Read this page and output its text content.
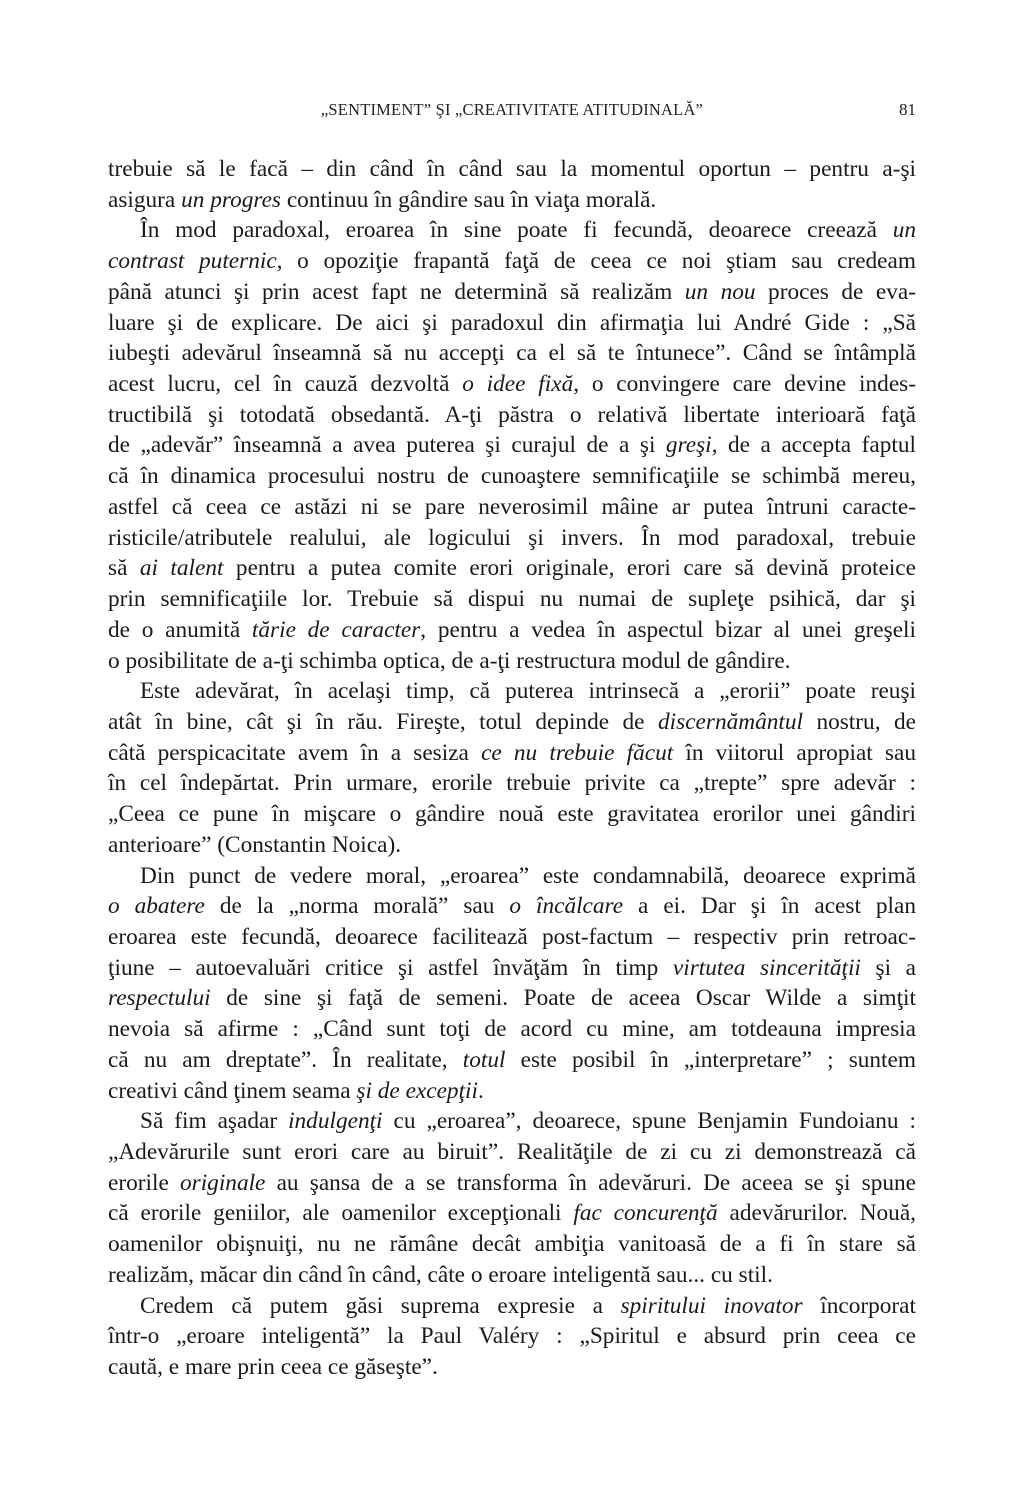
„SENTIMENT” ŞI „CREATIVITATE ATITUDINALĂ”	81
trebuie să le facă – din când în când sau la momentul oportun – pentru a-şi
asigura un progres continuu în gândire sau în viaţa morală.
În mod paradoxal, eroarea în sine poate fi fecundă, deoarece creează un
contrast puternic, o opoziţie frapantă faţă de ceea ce noi ştiam sau credeam
până atunci şi prin acest fapt ne determină să realizăm un nou proces de eva-
luare şi de explicare. De aici şi paradoxul din afirmaţia lui André Gide : „Să
iubeşti adevărul înseamnă să nu accepţi ca el să te întunece”. Când se întâmplă
acest lucru, cel în cauză dezvoltă o idee fixă, o convingere care devine indes-
tructibilă şi totodată obsedantă. A-ţi păstra o relativă libertate interioară faţă
de „adevăr” înseamnă a avea puterea şi curajul de a şi greşi, de a accepta faptul
că în dinamica procesului nostru de cunoaştere semnificaţiile se schimbă mereu,
astfel că ceea ce astăzi ni se pare neverosimil mâine ar putea întruni caracte-
risticile/atributele realului, ale logicului şi invers. În mod paradoxal, trebuie
să ai talent pentru a putea comite erori originale, erori care să devină proteice
prin semnificaţiile lor. Trebuie să dispui nu numai de supleţe psihică, dar şi
de o anumită tărie de caracter, pentru a vedea în aspectul bizar al unei greşeli
o posibilitate de a-ţi schimba optica, de a-ţi restructura modul de gândire.
Este adevărat, în acelaşi timp, că puterea intrinsecă a „erorii” poate reuşi
atât în bine, cât şi în rău. Fireşte, totul depinde de discernământul nostru, de
câtă perspicacitate avem în a sesiza ce nu trebuie făcut în viitorul apropiat sau
în cel îndepărtat. Prin urmare, erorile trebuie privite ca „trepte” spre adevăr :
„Ceea ce pune în mişcare o gândire nouă este gravitatea erorilor unei gândiri
anterioare” (Constantin Noica).
Din punct de vedere moral, „eroarea” este condamnabilă, deoarece exprimă
o abatere de la „norma morală” sau o încălcare a ei. Dar şi în acest plan
eroarea este fecundă, deoarece facilitează post-factum – respectiv prin retroac-
ţiune – autoevaluări critice şi astfel învăţăm în timp virtutea sincerităţii şi a
respectului de sine şi faţă de semeni. Poate de aceea Oscar Wilde a simţit
nevoia să afirme : „Când sunt toţi de acord cu mine, am totdeauna impresia
că nu am dreptate”. În realitate, totul este posibil în „interpretare” ; suntem
creativi când ţinem seama şi de excepţii.
Să fim aşadar indulgenţi cu „eroarea”, deoarece, spune Benjamin Fundoianu :
„Adevărurile sunt erori care au biruit”. Realităţile de zi cu zi demonstrează că
erorile originale au şansa de a se transforma în adevăruri. De aceea se şi spune
că erorile geniilor, ale oamenilor excepţionali fac concurenţă adevărurilor. Nouă,
oamenilor obişnuiţi, nu ne rămâne decât ambiţia vanitoasă de a fi în stare să
realizăm, măcar din când în când, câte o eroare inteligentă sau... cu stil.
Credem că putem găsi suprema expresie a spiritului inovator încorporat
într-o „eroare inteligentă” la Paul Valéry : „Spiritul e absurd prin ceea ce
caută, e mare prin ceea ce găseşte”.
